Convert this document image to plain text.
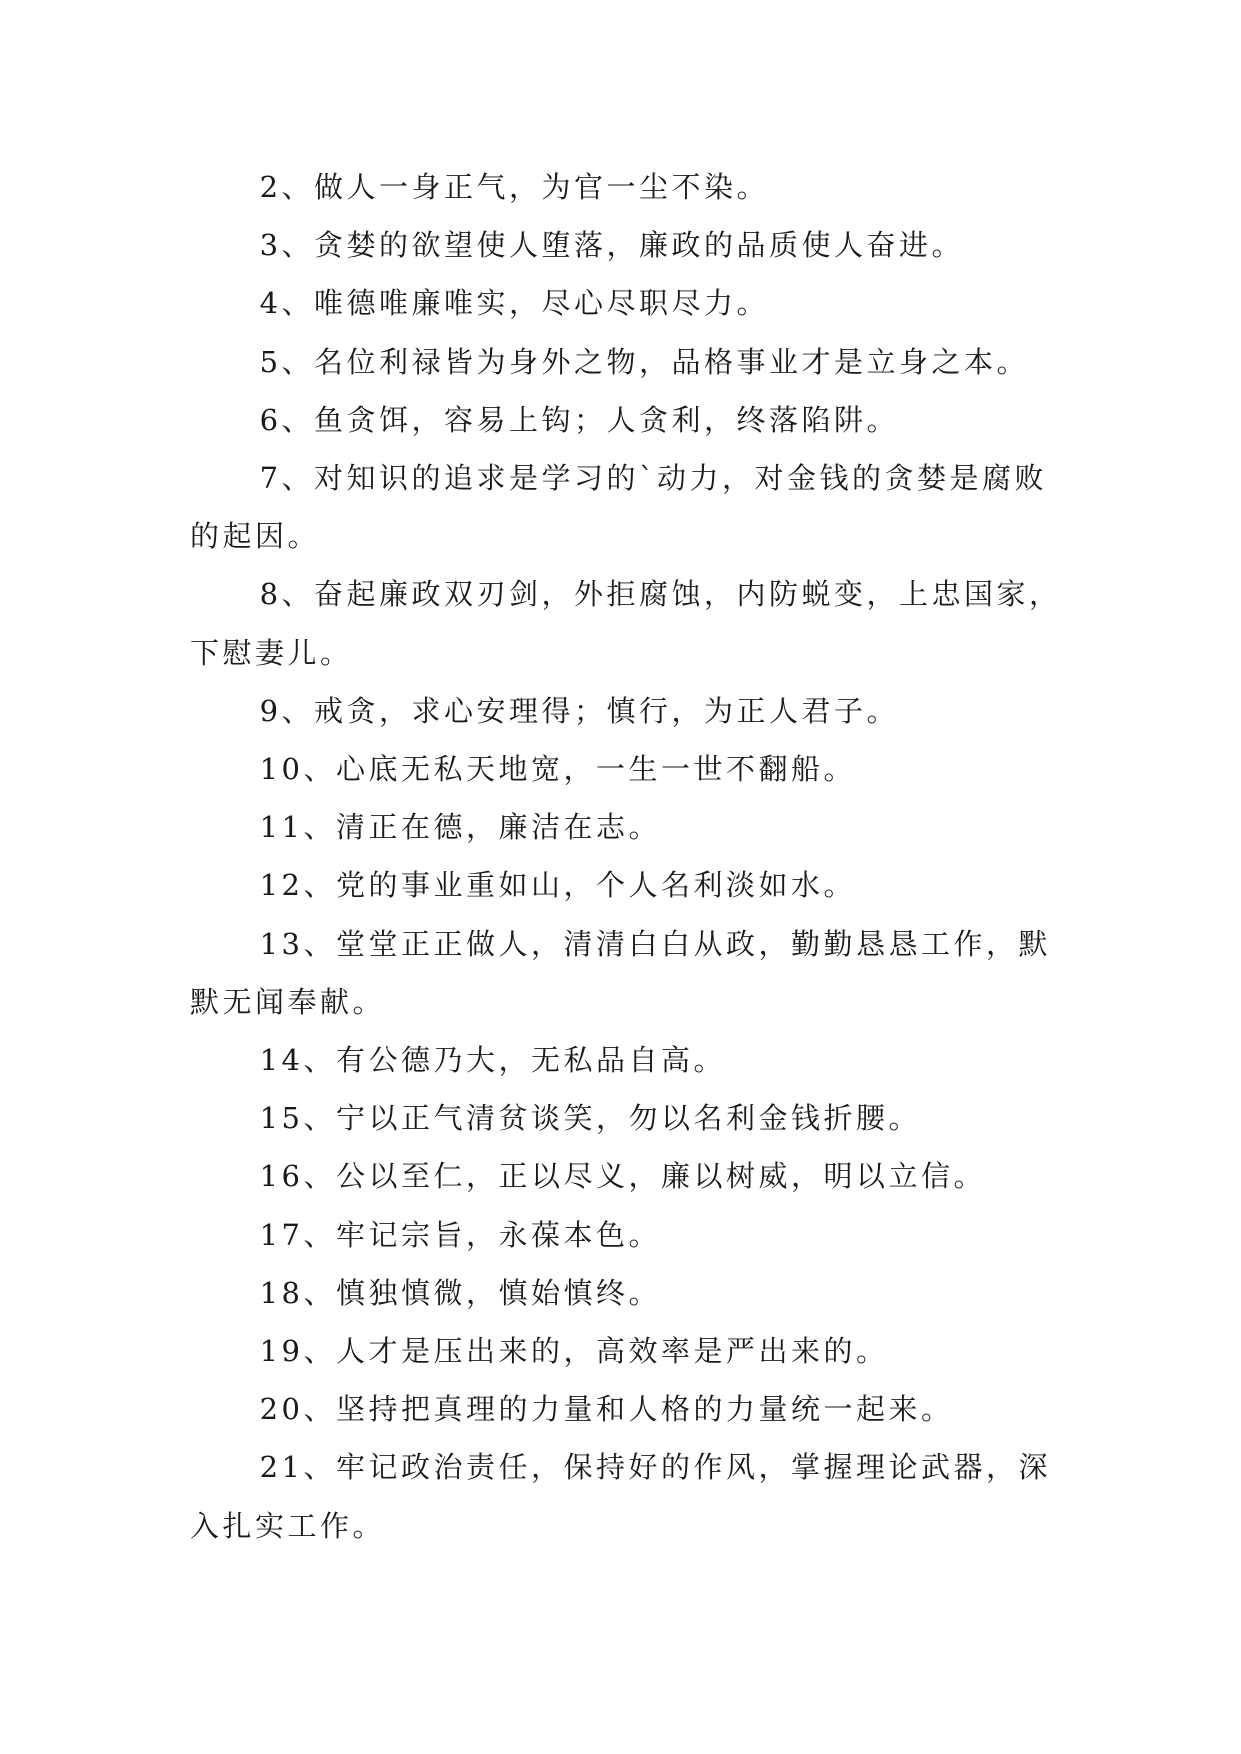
2、做人一身正气，为官一尘不染。

3、贪婪的欲望使人堕落，廉政的品质使人奋进。

4、唯德唯廉唯实，尽心尽职尽力。

5、名位利禄皆为身外之物，品格事业才是立身之本。

6、鱼贪饵，容易上钩；人贪利，终落陷阱。

7、对知识的追求是学习的`动力，对金钱的贪婪是腐败的起因。

8、奋起廉政双刃剑，外拒腐蚀，内防蜕变，上忠国家，下慰妻儿。

9、戒贪，求心安理得；慎行，为正人君子。

10、心底无私天地宽，一生一世不翻船。

11、清正在德，廉洁在志。

12、党的事业重如山，个人名利淡如水。

13、堂堂正正做人，清清白白从政，勤勤恳恳工作，默默无闻奉献。

14、有公德乃大，无私品自高。

15、宁以正气清贫谈笑，勿以名利金钱折腰。

16、公以至仁，正以尽义，廉以树威，明以立信。

17、牢记宗旨，永葆本色。

18、慎独慎微，慎始慎终。

19、人才是压出来的，高效率是严出来的。

20、坚持把真理的力量和人格的力量统一起来。

21、牢记政治责任，保持好的作风，掌握理论武器，深入扎实工作。
